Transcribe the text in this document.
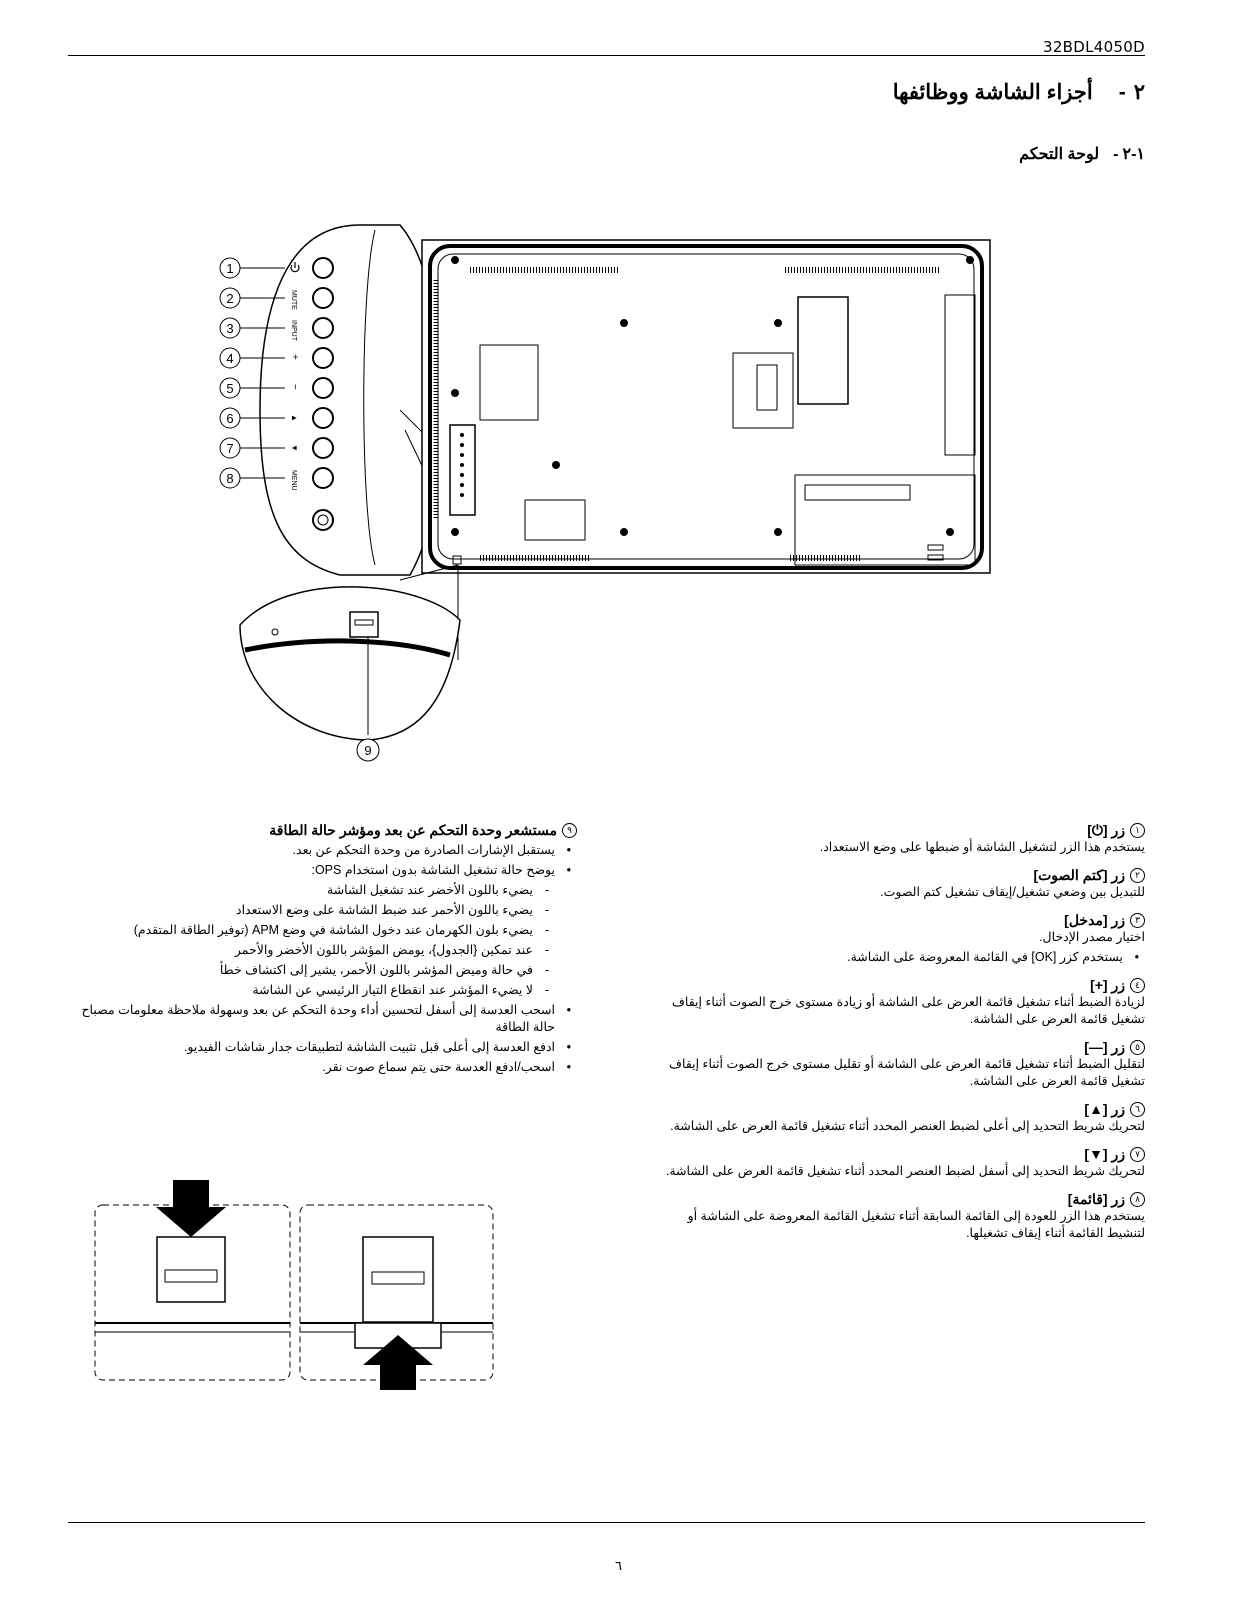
32BDL4050D
٢-أجزاء الشاشة ووظائفها
١-٢-لوحة التحكم
MUTE
INPUT
+
−
▲
▼
MENU
1
2
3
4
5
6
7
8
9
١
زر [⏻]
يستخدم هذا الزر لتشغيل الشاشة أو ضبطها على وضع الاستعداد.
٢
زر [كتم الصوت]
للتبديل بين وضعي تشغيل/إيقاف تشغيل كتم الصوت.
٣
زر [مدخل]
اختيار مصدر الإدخال.
• يستخدم كزر [OK] في القائمة المعروضة على الشاشة.
٤
زر [+]
لزيادة الضبط أثناء تشغيل قائمة العرض على الشاشة أو زيادة مستوى خرج الصوت أثناء إيقاف تشغيل قائمة العرض على الشاشة.
٥
زر [—]
لتقليل الضبط أثناء تشغيل قائمة العرض على الشاشة أو تقليل مستوى خرج الصوت أثناء إيقاف تشغيل قائمة العرض على الشاشة.
٦
زر [▲]
لتحريك شريط التحديد إلى أعلى لضبط العنصر المحدد أثناء تشغيل قائمة العرض على الشاشة.
٧
زر [▼]
لتحريك شريط التحديد إلى أسفل لضبط العنصر المحدد أثناء تشغيل قائمة العرض على الشاشة.
٨
زر [قائمة]
يستخدم هذا الزر للعودة إلى القائمة السابقة أثناء تشغيل القائمة المعروضة على الشاشة أو لتنشيط القائمة أثناء إيقاف تشغيلها.
٩
مستشعر وحدة التحكم عن بعد ومؤشر حالة الطاقة
• يستقبل الإشارات الصادرة من وحدة التحكم عن بعد.
• يوضح حالة تشغيل الشاشة بدون استخدام OPS:
- يضيء باللون الأخضر عند تشغيل الشاشة
- يضيء باللون الأحمر عند ضبط الشاشة على وضع الاستعداد
- يضيء بلون الكهرمان عند دخول الشاشة في وضع APM (توفير الطاقة المتقدم)
- عند تمكين {الجدول}، يومض المؤشر باللون الأخضر والأحمر
- في حالة وميض المؤشر باللون الأحمر، يشير إلى اكتشاف خطأ
- لا يضيء المؤشر عند انقطاع التيار الرئيسي عن الشاشة
• اسحب العدسة إلى أسفل لتحسين أداء وحدة التحكم عن بعد وسهولة ملاحظة معلومات مصباح حالة الطاقة
• ادفع العدسة إلى أعلى قبل تثبيت الشاشة لتطبيقات جدار شاشات الفيديو.
• اسحب/ادفع العدسة حتى يتم سماع صوت نقر.
٦
